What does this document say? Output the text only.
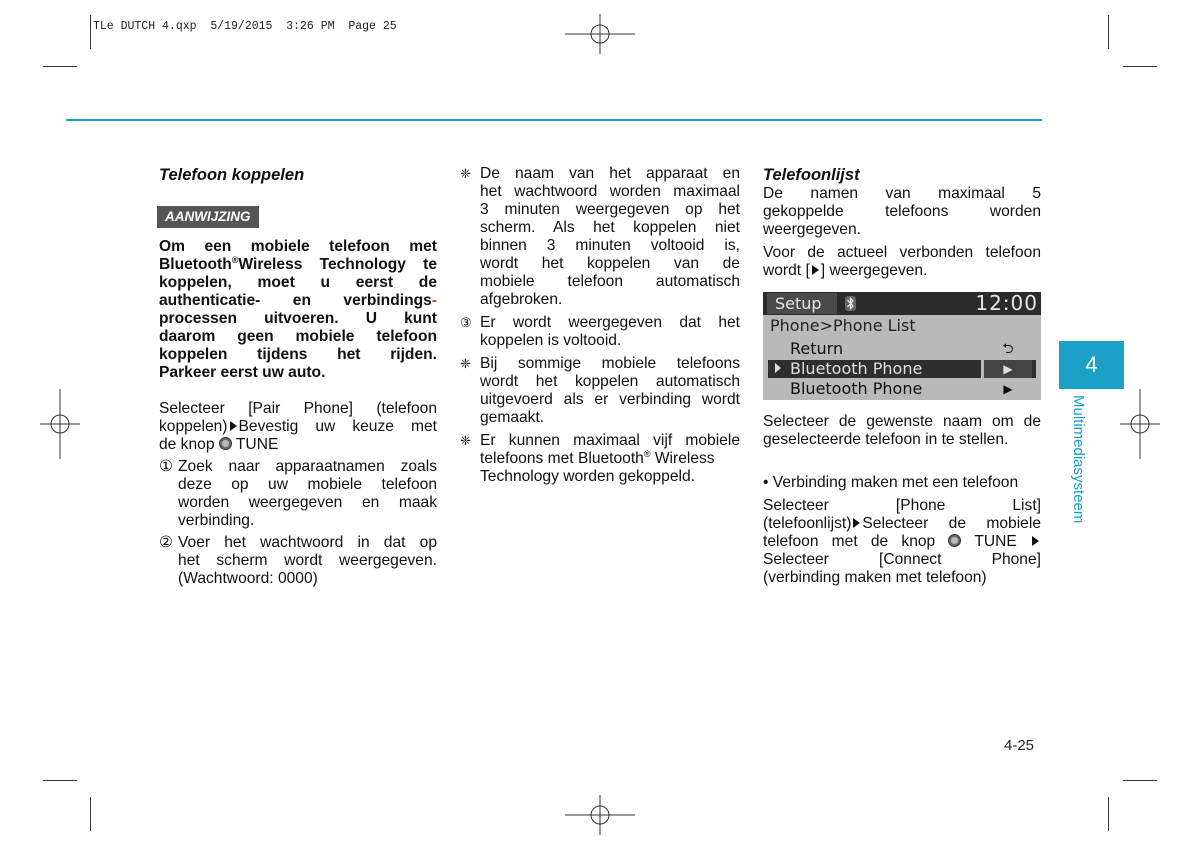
TLe DUTCH 4.qxp  5/19/2015  3:26 PM  Page 25

Telefoon koppelen

AANWIJZING

Om een mobiele telefoon met

Bluetooth®Wireless Technology te

koppelen, moet u eerst de

authenticatie- en verbindings-

processen uitvoeren. U kunt

daarom geen mobiele telefoon

koppelen tijdens het rijden.

Parkeer eerst uw auto.

Selecteer [Pair Phone] (telefoon

koppelen) Bevestig uw keuze met

de knop TUNE

① Zoek naar apparaatnamen zoals

deze op uw mobiele telefoon

worden weergegeven en maak

verbinding.

② Voer het wachtwoord in dat op

het scherm wordt weergegeven.

(Wachtwoord: 0000)

❈ De naam van het apparaat en

het wachtwoord worden maximaal

3 minuten weergegeven op het

scherm. Als het koppelen niet

binnen 3 minuten voltooid is,

wordt het koppelen van de

mobiele telefoon automatisch

afgebroken.

③ Er wordt weergegeven dat het

koppelen is voltooid.

❈ Bij sommige mobiele telefoons

wordt het koppelen automatisch

uitgevoerd als er verbinding wordt

gemaakt.

❈ Er kunnen maximaal vijf mobiele

telefoons met Bluetooth® Wireless

Technology worden gekoppeld.

Telefoonlijst

De namen van maximaal 5

gekoppelde telefoons worden

weergegeven.

Voor de actueel verbonden telefoon

wordt [ ] weergegeven.

Setup	12:00
Phone>Phone List
Return	⮌
Bluetooth Phone	▶
Bluetooth Phone	▶

Selecteer de gewenste naam om de

geselecteerde telefoon in te stellen.

• Verbinding maken met een telefoon

Selecteer [Phone List]

(telefoonlijst) Selecteer de mobiele

telefoon met de knop	TUNE

Selecteer [Connect Phone]

(verbinding maken met telefoon)

4
Multimediasysteem
4-25
